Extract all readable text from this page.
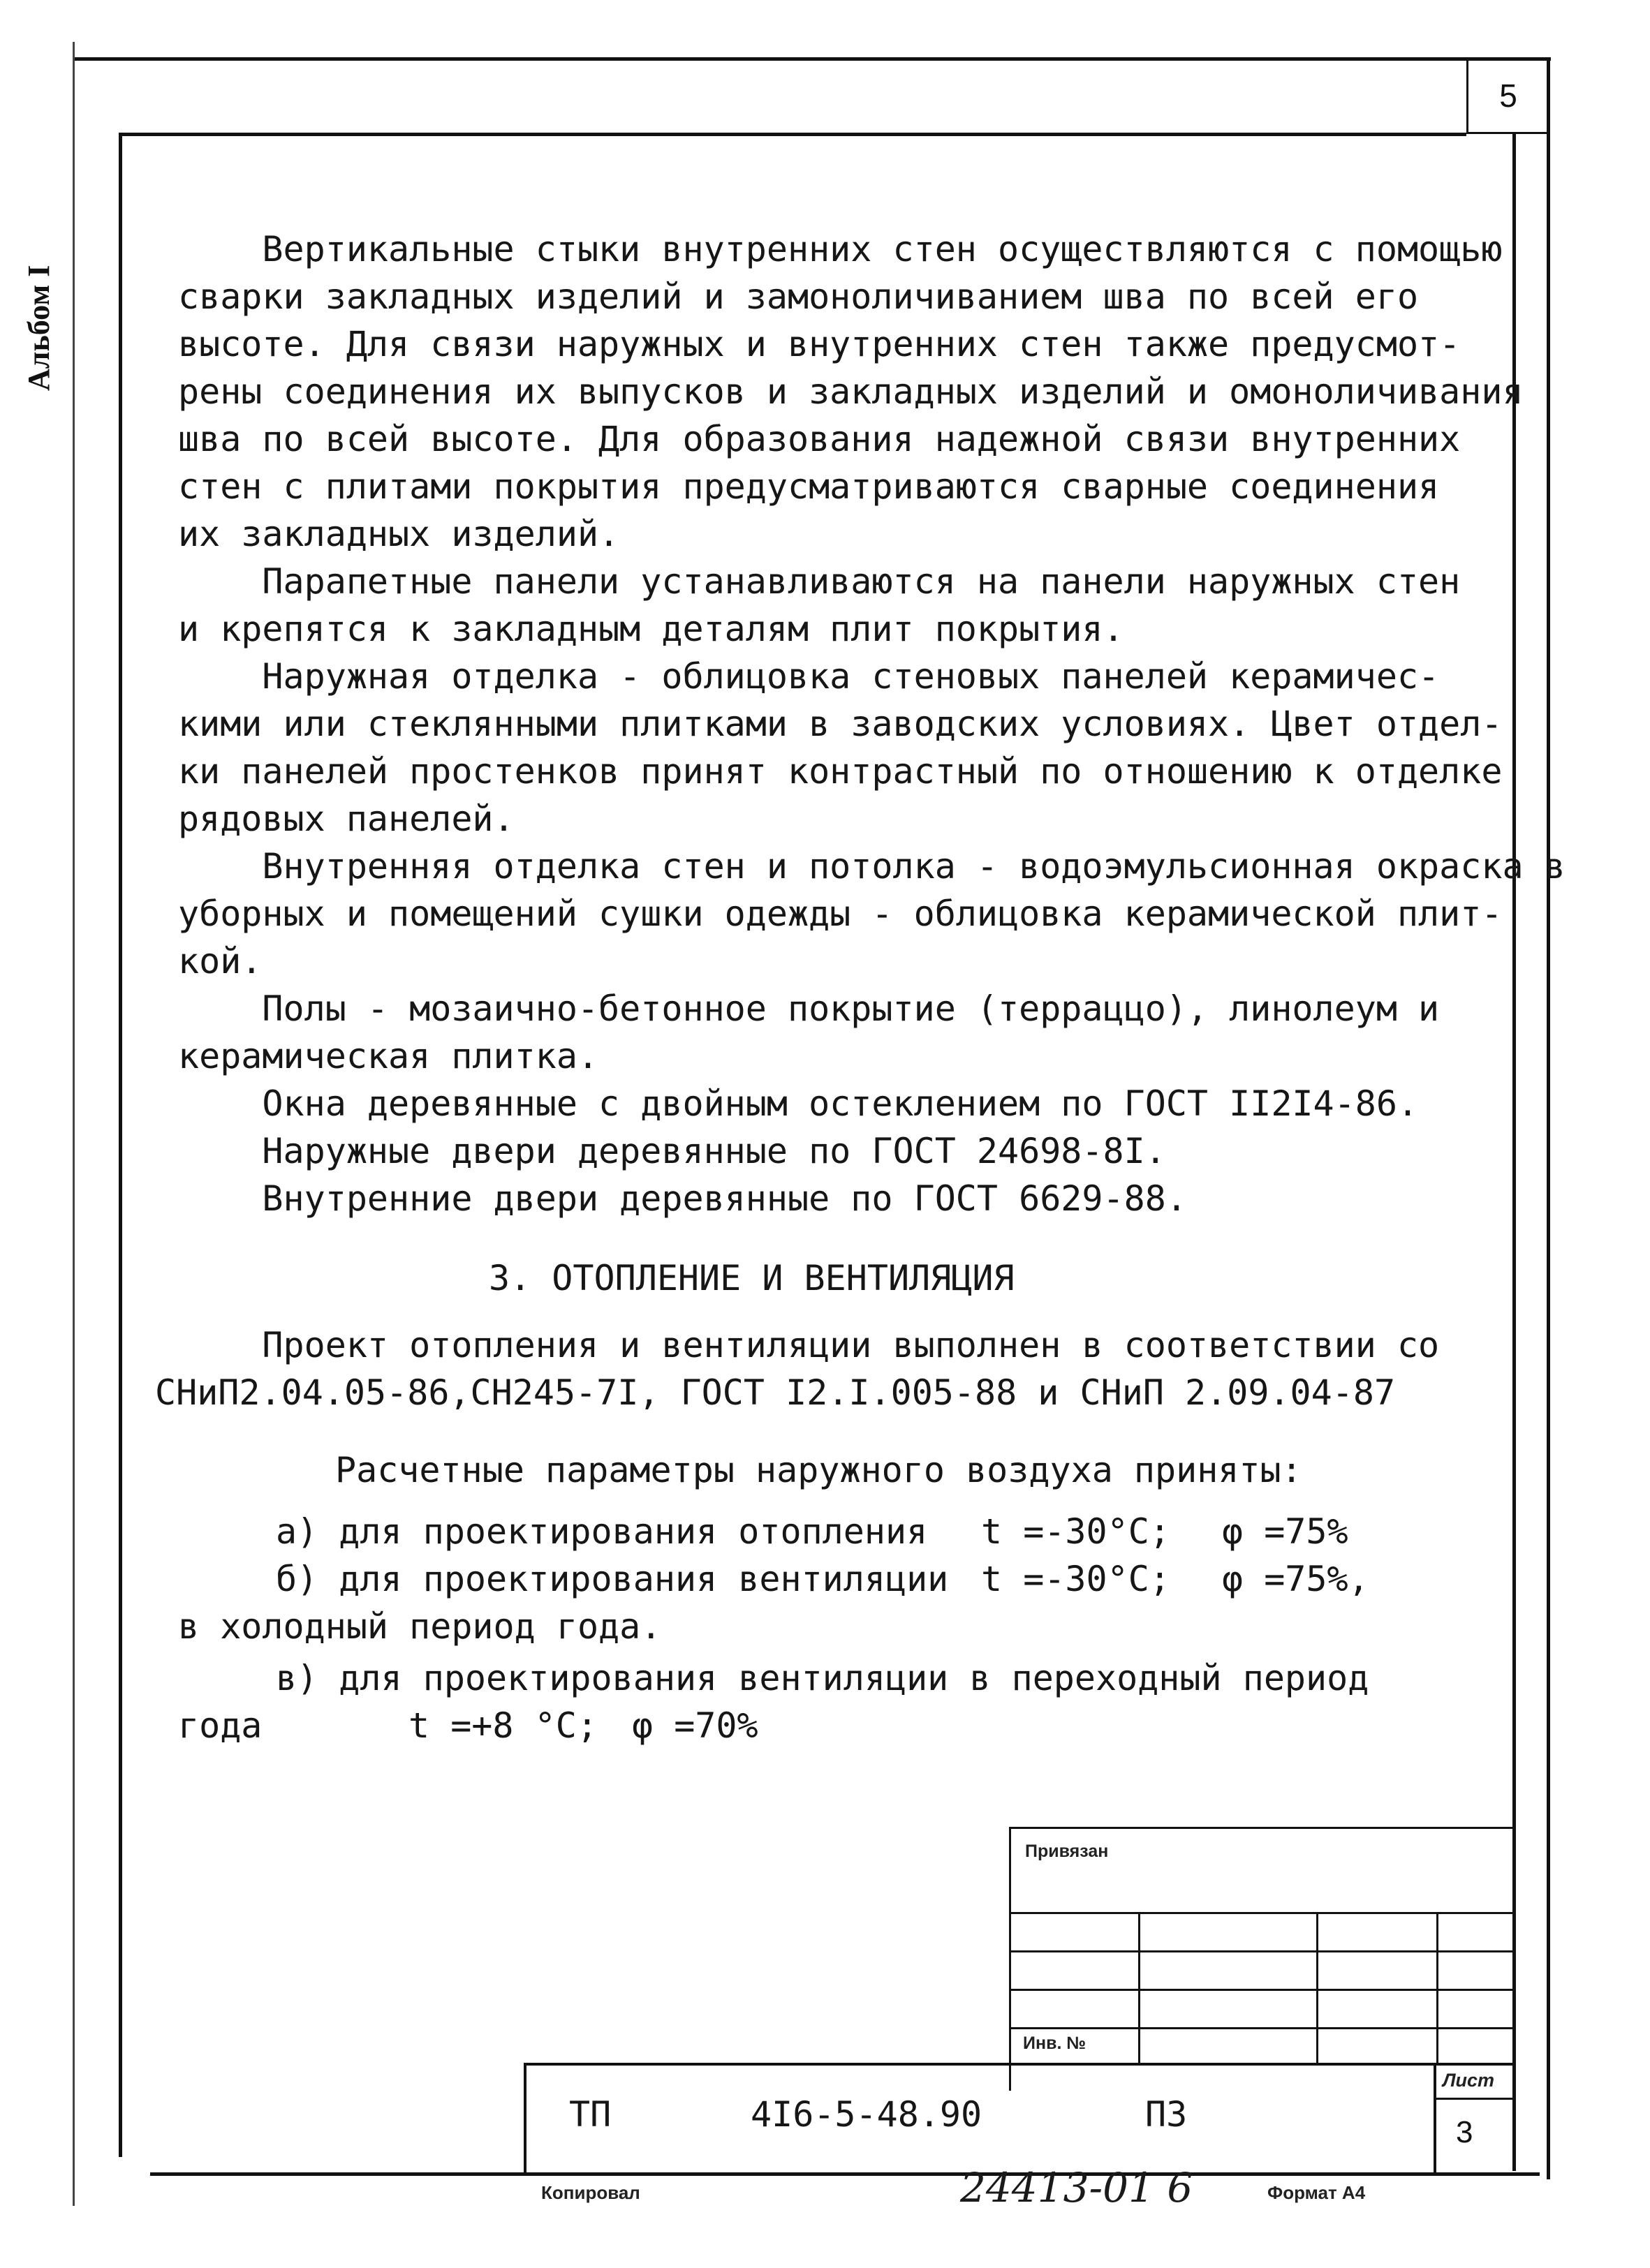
5
Альбом I
Вертикальные стыки внутренних стен осуществляются с помощью
сварки закладных изделий и замоноличиванием шва по всей его
высоте. Для связи наружных и внутренних стен также предусмот-
рены соединения их выпусков и закладных изделий и омоноличивания
шва по всей высоте. Для образования надежной связи внутренних
стен с плитами покрытия предусматриваются сварные соединения
их закладных изделий.
Парапетные панели устанавливаются на панели наружных стен
и крепятся к закладным деталям плит покрытия.
Наружная отделка - облицовка стеновых панелей керамичес-
кими или стеклянными плитками в заводских условиях. Цвет отдел-
ки панелей простенков принят контрастный по отношению к отделке
рядовых панелей.
Внутренняя отделка стен и потолка - водоэмульсионная окраска в
уборных и помещений сушки одежды - облицовка керамической плит-
кой.
Полы - мозаично-бетонное покрытие (терраццо), линолеум и
керамическая плитка.
Окна деревянные с двойным остеклением по ГОСТ II2I4-86.
Наружные двери деревянные по ГОСТ 24698-8I.
Внутренние двери деревянные по ГОСТ 6629-88.
3. ОТОПЛЕНИЕ И ВЕНТИЛЯЦИЯ
Проект отопления и вентиляции выполнен в соответствии со
СНиП2.04.05-86,СН245-7I, ГОСТ I2.I.005-88 и СНиП 2.09.04-87
Расчетные параметры наружного воздуха приняты:
а) для проектирования отопления t =-30°С; φ =75%
б) для проектирования вентиляции t =-30°С; φ =75%,
в холодный период года.
в) для проектирования вентиляции в переходный период
года	t =+8 °С; φ =70%
Привязан
Инв. №
Лист
3
ТП	4I6-5-48.90	ПЗ
Копировал	24413-01 6	Формат А4
